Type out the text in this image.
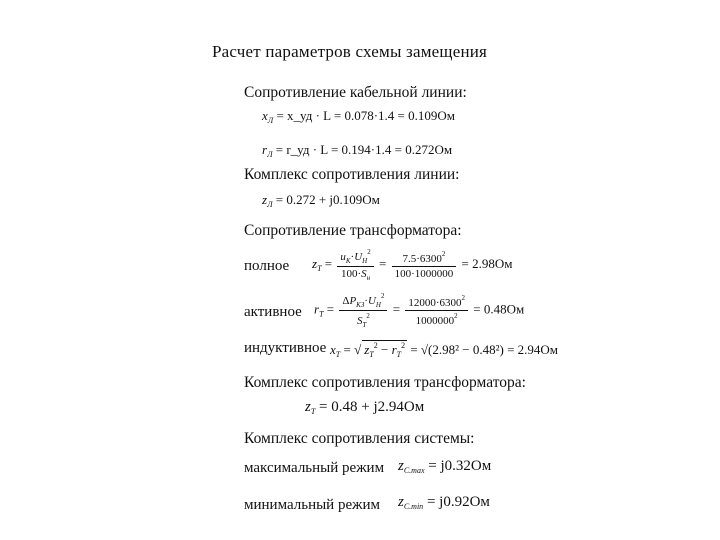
Расчет параметров схемы замещения
Сопротивление кабельной линии:
$x_Л$ = x_уд · L = 0.078·1.4 = 0.109Ом
$r_Л$ = r_уд · L = 0.194·1.4 = 0.272Ом
Комплекс сопротивления линии:
$z_Л = 0.272 + j0.109Ом$
Сопротивление трансформатора:
полное $z_Т = \frac{u_K\cdot U_H^2}{100\cdot S_н} = \frac{7.5\cdot 6300^2}{100\cdot 1000000} = 2.98Ом$
активное $r_Т = \frac{\Delta P_{КЗ}\cdot U_H^2}{S_Т^2} = \frac{12000\cdot 6300^2}{1000000^2} = 0.48Ом$
индуктивное $x_Т$ = √ $z_Т^2 - r_Т^2 = √(2.98^2 - 0.48^2) = 2.94Ом$
Комплекс сопротивления трансформатора:
$z_Т = 0.48 + j2.94Ом$
Комплекс сопротивления системы:
максимальный режим $z_{С.max} = j0.32Ом$
минимальный режим $z_{С.min} = j0.92Ом$
